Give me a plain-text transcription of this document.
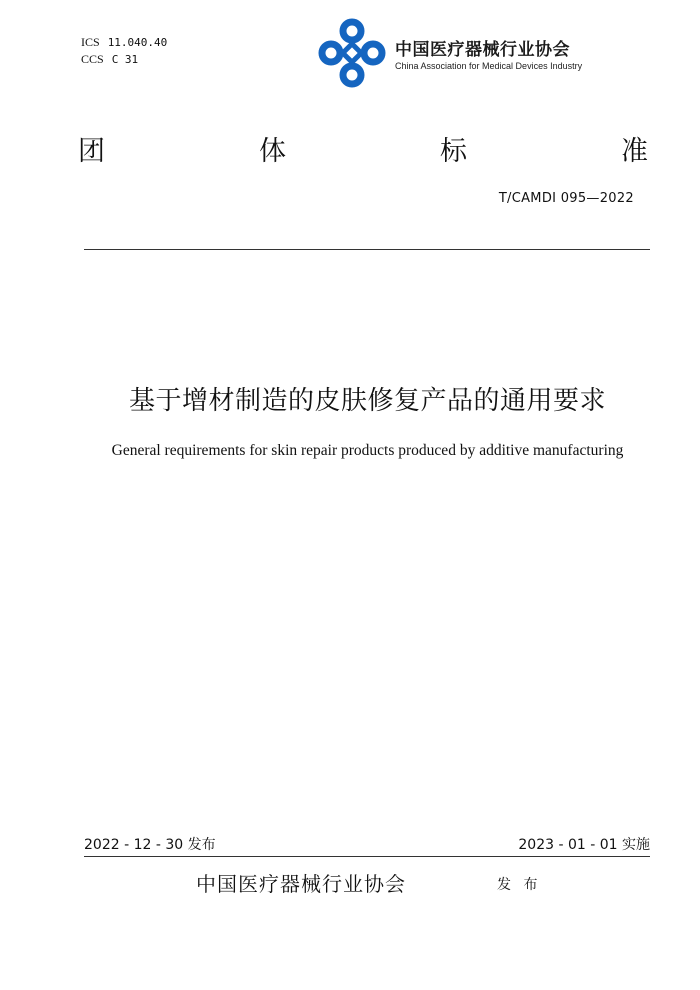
ICS 11.040.40
CCS C 31	中国医疗器械行业协会
China Association for Medical Devices Industry
团	体	标	准
T/CAMDI 095—2022
基于增材制造的皮肤修复产品的通用要求
General requirements for skin repair products produced by additive manufacturing
2022 - 12 - 30 发布	2023 - 01 - 01 实施
中国医疗器械行业协会	发 布
